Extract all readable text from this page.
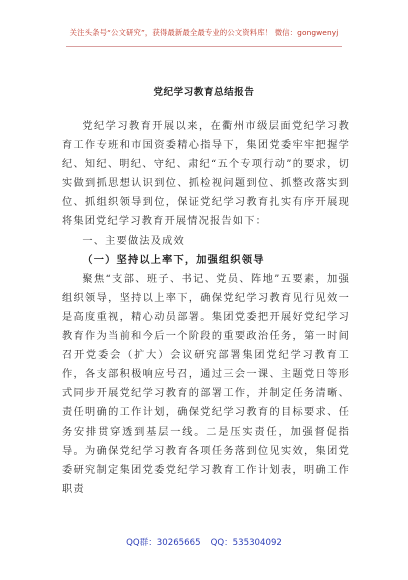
关注头条号“公文研究”，获得最新最全最专业的公文资料库！ 微信：gongwenyj
党纪学习教育总结报告

党纪学习教育开展以来，在衢州市级层面党纪学习教育工作专班和市国资委精心指导下，集团党委牢牢把握学纪、知纪、明纪、守纪、肃纪“五个专项行动”的要求，切实做到抓思想认识到位、抓检视问题到位、抓整改落实到位、抓组织领导到位，保证党纪学习教育扎实有序开展现将集团党纪学习教育开展情况报告如下：

一、主要做法及成效

（一）坚持以上率下，加强组织领导

聚焦“支部、班子、书记、党员、阵地”五要素，加强组织领导，坚持以上率下，确保党纪学习教育见行见效一是高度重视，精心动员部署。集团党委把开展好党纪学习教育作为当前和今后一个阶段的重要政治任务，第一时间召开党委会（扩大）会议研究部署集团党纪学习教育工作，各支部积极响应号召，通过三会一课、主题党日等形式同步开展党纪学习教育的部署工作，并制定任务清晰、责任明确的工作计划，确保党纪学习教育的目标要求、任务安排贯穿透到基层一线。二是压实责任，加强督促指导。为确保党纪学习教育各项任务落到位见实效，集团党委研究制定集团党委党纪学习教育工作计划表，明确工作职责

QQ群：30265665 QQ：535304092
